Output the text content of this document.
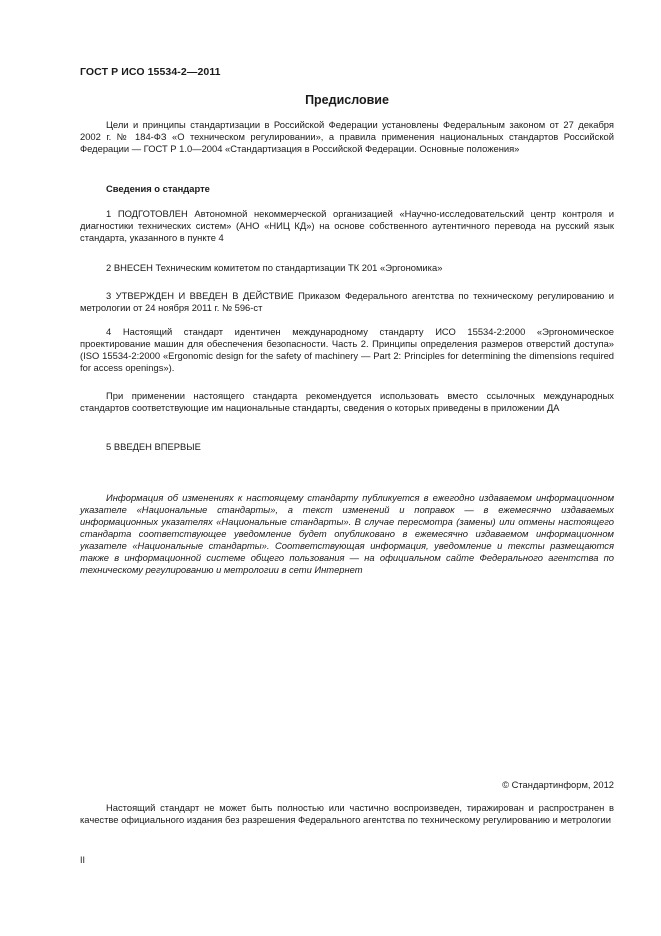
ГОСТ Р ИСО 15534-2—2011
Предисловие

Цели и принципы стандартизации в Российской Федерации установлены Федеральным законом от 27 декабря 2002 г. № 184-ФЗ «О техническом регулировании», а правила применения национальных стандартов Российской Федерации — ГОСТ Р 1.0—2004 «Стандартизация в Российской Федерации. Основные положения»

Сведения о стандарте

1 ПОДГОТОВЛЕН Автономной некоммерческой организацией «Научно-исследовательский центр контроля и диагностики технических систем» (АНО «НИЦ КД») на основе собственного аутентичного перевода на русский язык стандарта, указанного в пункте 4

2 ВНЕСЕН Техническим комитетом по стандартизации ТК 201 «Эргономика»

3 УТВЕРЖДЕН И ВВЕДЕН В ДЕЙСТВИЕ Приказом Федерального агентства по техническому регулированию и метрологии от 24 ноября 2011 г. № 596-ст

4 Настоящий стандарт идентичен международному стандарту ИСО 15534-2:2000 «Эргономическое проектирование машин для обеспечения безопасности. Часть 2. Принципы определения размеров отверстий доступа» (ISO 15534-2:2000 «Ergonomic design for the safety of machinery — Part 2: Principles for determining the dimensions required for access openings»).

При применении настоящего стандарта рекомендуется использовать вместо ссылочных международных стандартов соответствующие им национальные стандарты, сведения о которых приведены в приложении ДА

5 ВВЕДЕН ВПЕРВЫЕ

Информация об изменениях к настоящему стандарту публикуется в ежегодно издаваемом информационном указателе «Национальные стандарты», а текст изменений и поправок — в ежемесячно издаваемых информационных указателях «Национальные стандарты». В случае пересмотра (замены) или отмены настоящего стандарта соответствующее уведомление будет опубликовано в ежемесячно издаваемом информационном указателе «Национальные стандарты». Соответствующая информация, уведомление и тексты размещаются также в информационной системе общего пользования — на официальном сайте Федерального агентства по техническому регулированию и метрологии в сети Интернет

© Стандартинформ, 2012

Настоящий стандарт не может быть полностью или частично воспроизведен, тиражирован и распространен в качестве официального издания без разрешения Федерального агентства по техническому регулированию и метрологии

II
